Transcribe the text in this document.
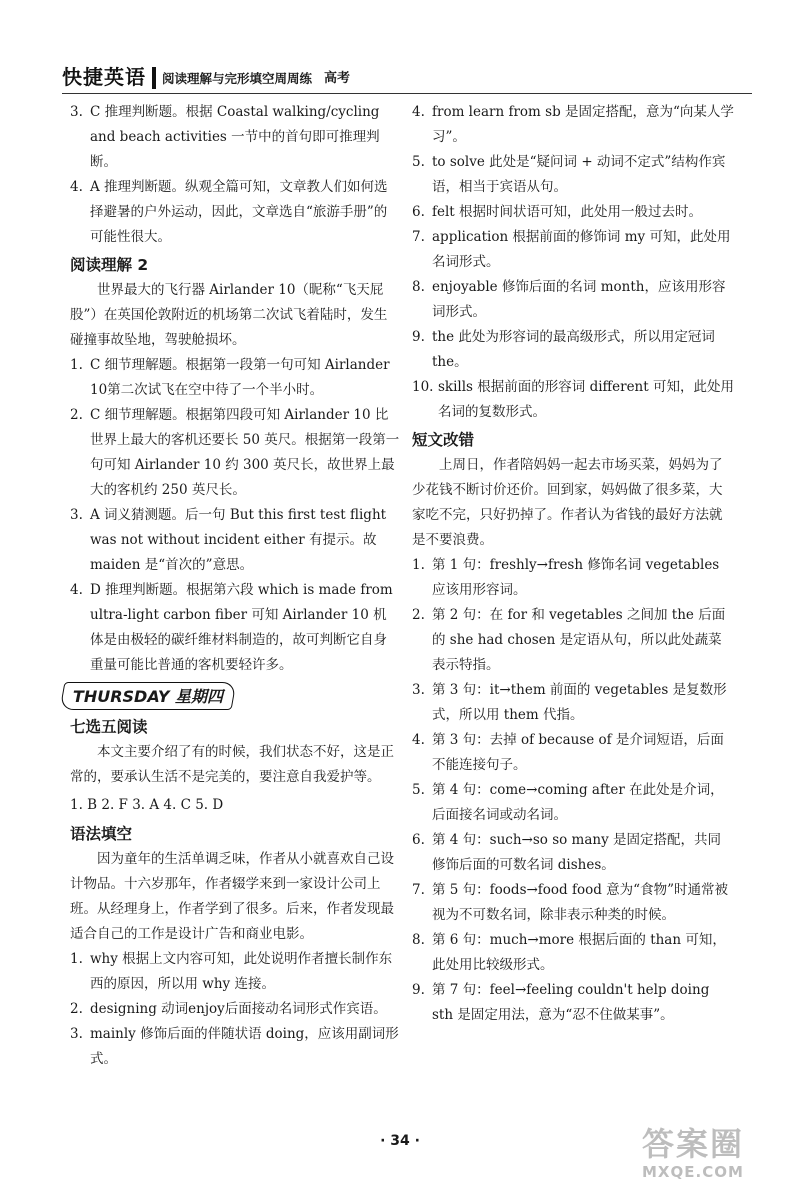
快捷英语 阅读理解与完形填空周周练 高考
3. C 推理判断题。根据 Coastal walking/cycling and beach activities 一节中的首句即可推理判断。
4. A 推理判断题。纵观全篇可知，文章教人们如何选择避暑的户外运动，因此，文章选自“旅游手册”的可能性很大。
阅读理解 2

世界最大的飞行器 Airlander 10（昵称“飞天屁股”）在英国伦敦附近的机场第二次试飞着陆时，发生碰撞事故坠地，驾驶舱损坏。

1. C 细节理解题。根据第一段第一句可知 Airlander 10第二次试飞在空中待了一个半小时。
2. C 细节理解题。根据第四段可知 Airlander 10 比世界上最大的客机还要长 50 英尺。根据第一段第一句可知 Airlander 10 约 300 英尺长，故世界上最大的客机约 250 英尺长。
3. A 词义猜测题。后一句 But this first test flight was not without incident either 有提示。故 maiden 是“首次的”意思。
4. D 推理判断题。根据第六段 which is made from ultra-light carbon fiber 可知 Airlander 10 机体是由极轻的碳纤维材料制造的，故可判断它自身重量可能比普通的客机要轻许多。
THURSDAY 星期四
七选五阅读

本文主要介绍了有的时候，我们状态不好，这是正常的，要承认生活不是完美的，要注意自我爱护等。

1. B 2. F 3. A 4. C 5. D
语法填空

因为童年的生活单调乏味，作者从小就喜欢自己设计物品。十六岁那年，作者辍学来到一家设计公司上班。从经理身上，作者学到了很多。后来，作者发现最适合自己的工作是设计广告和商业电影。

1. why 根据上文内容可知，此处说明作者擅长制作东西的原因，所以用 why 连接。
2. designing 动词enjoy后面接动名词形式作宾语。
3. mainly 修饰后面的伴随状语 doing，应该用副词形式。
4. from learn from sb 是固定搭配，意为“向某人学习”。
5. to solve 此处是“疑问词 + 动词不定式”结构作宾语，相当于宾语从句。
6. felt 根据时间状语可知，此处用一般过去时。
7. application 根据前面的修饰词 my 可知，此处用名词形式。
8. enjoyable 修饰后面的名词 month，应该用形容词形式。
9. the 此处为形容词的最高级形式，所以用定冠词 the。
10. skills 根据前面的形容词 different 可知，此处用名词的复数形式。
短文改错

上周日，作者陪妈妈一起去市场买菜，妈妈为了少花钱不断讨价还价。回到家，妈妈做了很多菜，大家吃不完，只好扔掉了。作者认为省钱的最好方法就是不要浪费。

1. 第 1 句：freshly→fresh 修饰名词 vegetables 应该用形容词。
2. 第 2 句：在 for 和 vegetables 之间加 the 后面的 she had chosen 是定语从句，所以此处蔬菜表示特指。
3. 第 3 句：it→them 前面的 vegetables 是复数形式，所以用 them 代指。
4. 第 3 句：去掉 of because of 是介词短语，后面不能连接句子。
5. 第 4 句：come→coming after 在此处是介词，后面接名词或动名词。
6. 第 4 句：such→so so many 是固定搭配，共同修饰后面的可数名词 dishes。
7. 第 5 句：foods→food food 意为“食物”时通常被视为不可数名词，除非表示种类的时候。
8. 第 6 句：much→more 根据后面的 than 可知，此处用比较级形式。
9. 第 7 句：feel→feeling couldn't help doing sth 是固定用法，意为“忍不住做某事”。
· 34 ·	答案圈
MXQE.COM
